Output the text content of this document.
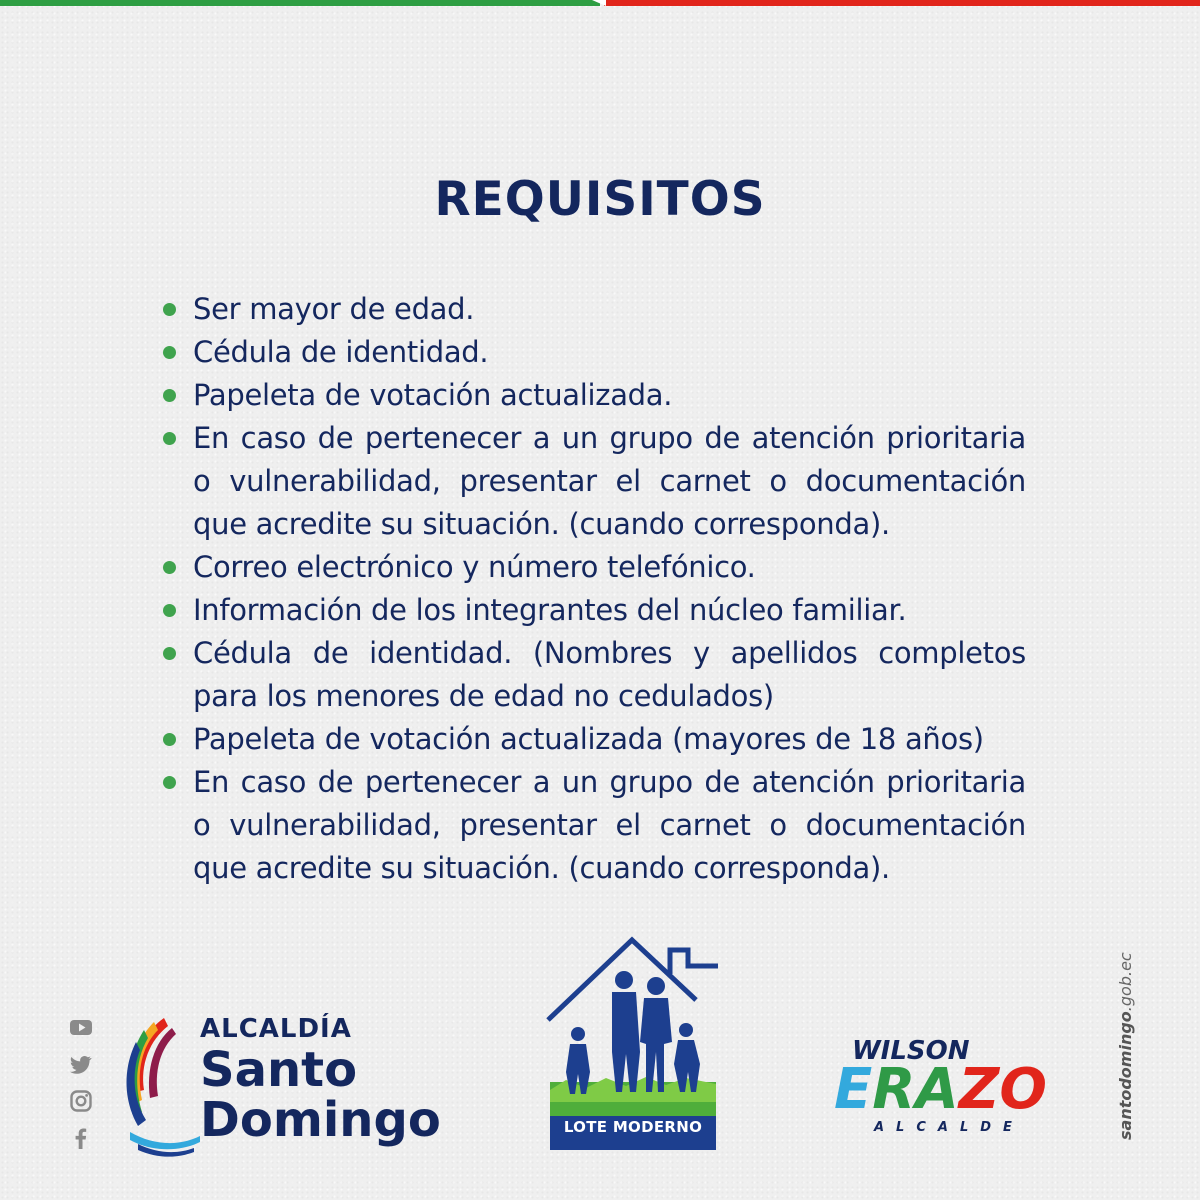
REQUISITOS
Ser mayor de edad.
Cédula de identidad.
Papeleta de votación actualizada.
En caso de pertenecer a un grupo de atención prioritaria o vulnerabilidad, presentar el carnet o documentación que acredite su situación. (cuando corresponda).
Correo electrónico y número telefónico.
Información de los integrantes del núcleo familiar.
Cédula de identidad. (Nombres y apellidos completos para los menores de edad no cedulados)
Papeleta de votación actualizada (mayores de 18 años)
En caso de pertenecer a un grupo de atención prioritaria o vulnerabilidad, presentar el carnet o documentación que acredite su situación. (cuando corresponda).
ALCALDÍA
Santo
Domingo	LOTE MODERNO
WILSON
ERAZO
ALCALDE	santodomingo.gob.ec
